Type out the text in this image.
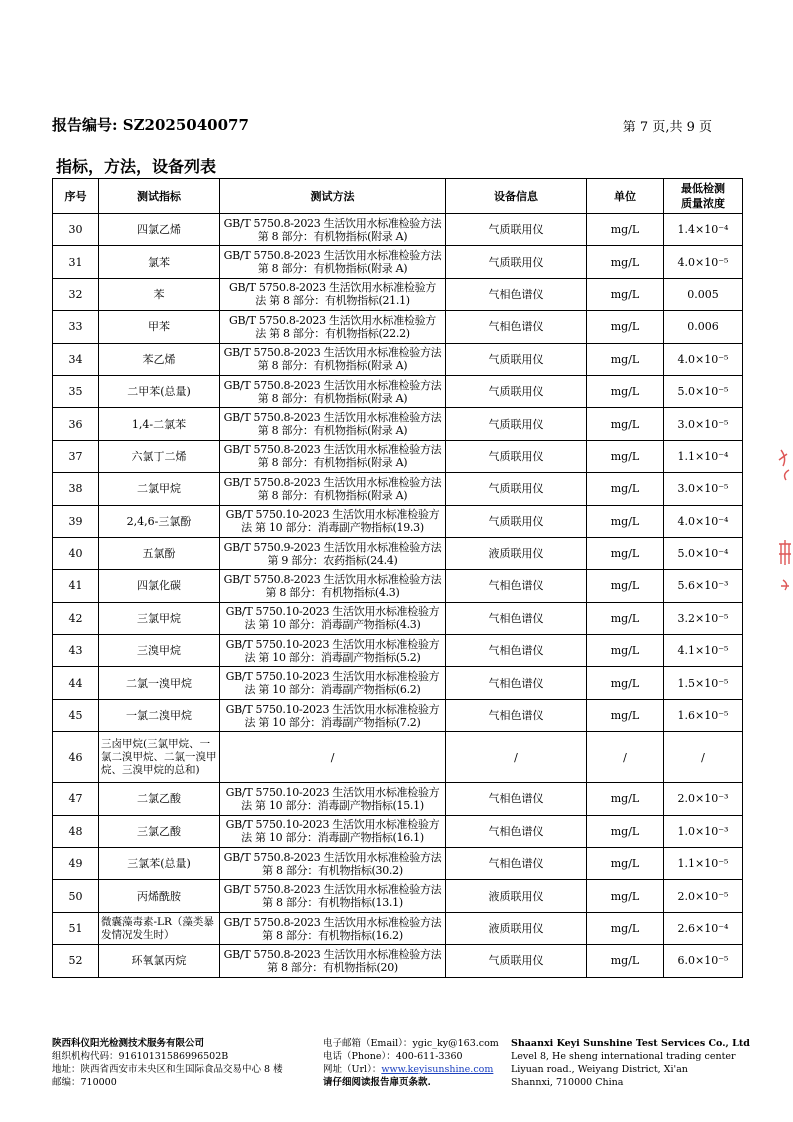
报告编号: SZ2025040077	第 7 页,共 9 页
指标，方法，设备列表
序号	测试指标	测试方法	设备信息	单位	最低检测
质量浓度
30	四氯乙烯	GB/T 5750.8-2023 生活饮用水标准检验方法
第 8 部分：有机物指标(附录 A)	气质联用仪	mg/L	1.4×10⁻⁴
31	氯苯	GB/T 5750.8-2023 生活饮用水标准检验方法
第 8 部分：有机物指标(附录 A)	气质联用仪	mg/L	4.0×10⁻⁵
32	苯	GB/T 5750.8-2023 生活饮用水标准检验方
法 第 8 部分：有机物指标(21.1)	气相色谱仪	mg/L	0.005
33	甲苯	GB/T 5750.8-2023 生活饮用水标准检验方
法 第 8 部分：有机物指标(22.2)	气相色谱仪	mg/L	0.006
34	苯乙烯	GB/T 5750.8-2023 生活饮用水标准检验方法
第 8 部分：有机物指标(附录 A)	气质联用仪	mg/L	4.0×10⁻⁵
35	二甲苯(总量)	GB/T 5750.8-2023 生活饮用水标准检验方法
第 8 部分：有机物指标(附录 A)	气质联用仪	mg/L	5.0×10⁻⁵
36	1,4-二氯苯	GB/T 5750.8-2023 生活饮用水标准检验方法
第 8 部分：有机物指标(附录 A)	气质联用仪	mg/L	3.0×10⁻⁵
37	六氯丁二烯	GB/T 5750.8-2023 生活饮用水标准检验方法
第 8 部分：有机物指标(附录 A)	气质联用仪	mg/L	1.1×10⁻⁴
38	二氯甲烷	GB/T 5750.8-2023 生活饮用水标准检验方法
第 8 部分：有机物指标(附录 A)	气质联用仪	mg/L	3.0×10⁻⁵
39	2,4,6-三氯酚	GB/T 5750.10-2023 生活饮用水标准检验方
法 第 10 部分：消毒副产物指标(19.3)	气质联用仪	mg/L	4.0×10⁻⁴
40	五氯酚	GB/T 5750.9-2023 生活饮用水标准检验方法
第 9 部分：农药指标(24.4)	液质联用仪	mg/L	5.0×10⁻⁴
41	四氯化碳	GB/T 5750.8-2023 生活饮用水标准检验方法
第 8 部分：有机物指标(4.3)	气相色谱仪	mg/L	5.6×10⁻³
42	三氯甲烷	GB/T 5750.10-2023 生活饮用水标准检验方
法 第 10 部分：消毒副产物指标(4.3)	气相色谱仪	mg/L	3.2×10⁻⁵
43	三溴甲烷	GB/T 5750.10-2023 生活饮用水标准检验方
法 第 10 部分：消毒副产物指标(5.2)	气相色谱仪	mg/L	4.1×10⁻⁵
44	二氯一溴甲烷	GB/T 5750.10-2023 生活饮用水标准检验方
法 第 10 部分：消毒副产物指标(6.2)	气相色谱仪	mg/L	1.5×10⁻⁵
45	一氯二溴甲烷	GB/T 5750.10-2023 生活饮用水标准检验方
法 第 10 部分：消毒副产物指标(7.2)	气相色谱仪	mg/L	1.6×10⁻⁵
46	三卤甲烷(三氯甲烷、一氯二溴甲烷、二氯一溴甲烷、三溴甲烷的总和)	/	/	/	/
47	二氯乙酸	GB/T 5750.10-2023 生活饮用水标准检验方
法 第 10 部分：消毒副产物指标(15.1)	气相色谱仪	mg/L	2.0×10⁻³
48	三氯乙酸	GB/T 5750.10-2023 生活饮用水标准检验方
法 第 10 部分：消毒副产物指标(16.1)	气相色谱仪	mg/L	1.0×10⁻³
49	三氯苯(总量)	GB/T 5750.8-2023 生活饮用水标准检验方法
第 8 部分：有机物指标(30.2)	气相色谱仪	mg/L	1.1×10⁻⁵
50	丙烯酰胺	GB/T 5750.8-2023 生活饮用水标准检验方法
第 8 部分：有机物指标(13.1)	液质联用仪	mg/L	2.0×10⁻⁵
51	微囊藻毒素-LR（藻类暴发情况发生时）	GB/T 5750.8-2023 生活饮用水标准检验方法
第 8 部分：有机物指标(16.2)	液质联用仪	mg/L	2.6×10⁻⁴
52	环氧氯丙烷	GB/T 5750.8-2023 生活饮用水标准检验方法
第 8 部分：有机物指标(20)	气质联用仪	mg/L	6.0×10⁻⁵
陕西科仪阳光检测技术服务有限公司
组织机构代码：91610131586996502B
地址：陕西省西安市未央区和生国际食品交易中心 8 楼
邮编：710000
电子邮箱（Email）：ygic_ky@163.com
电话（Phone）：400-611-3360
网址（Url）：www.keyisunshine.com
请仔细阅读报告扉页条款.
Shaanxi Keyi Sunshine Test Services Co., Ltd
Level 8, He sheng international trading center
Liyuan road., Weiyang District, Xi'an
Shannxi, 710000 China
